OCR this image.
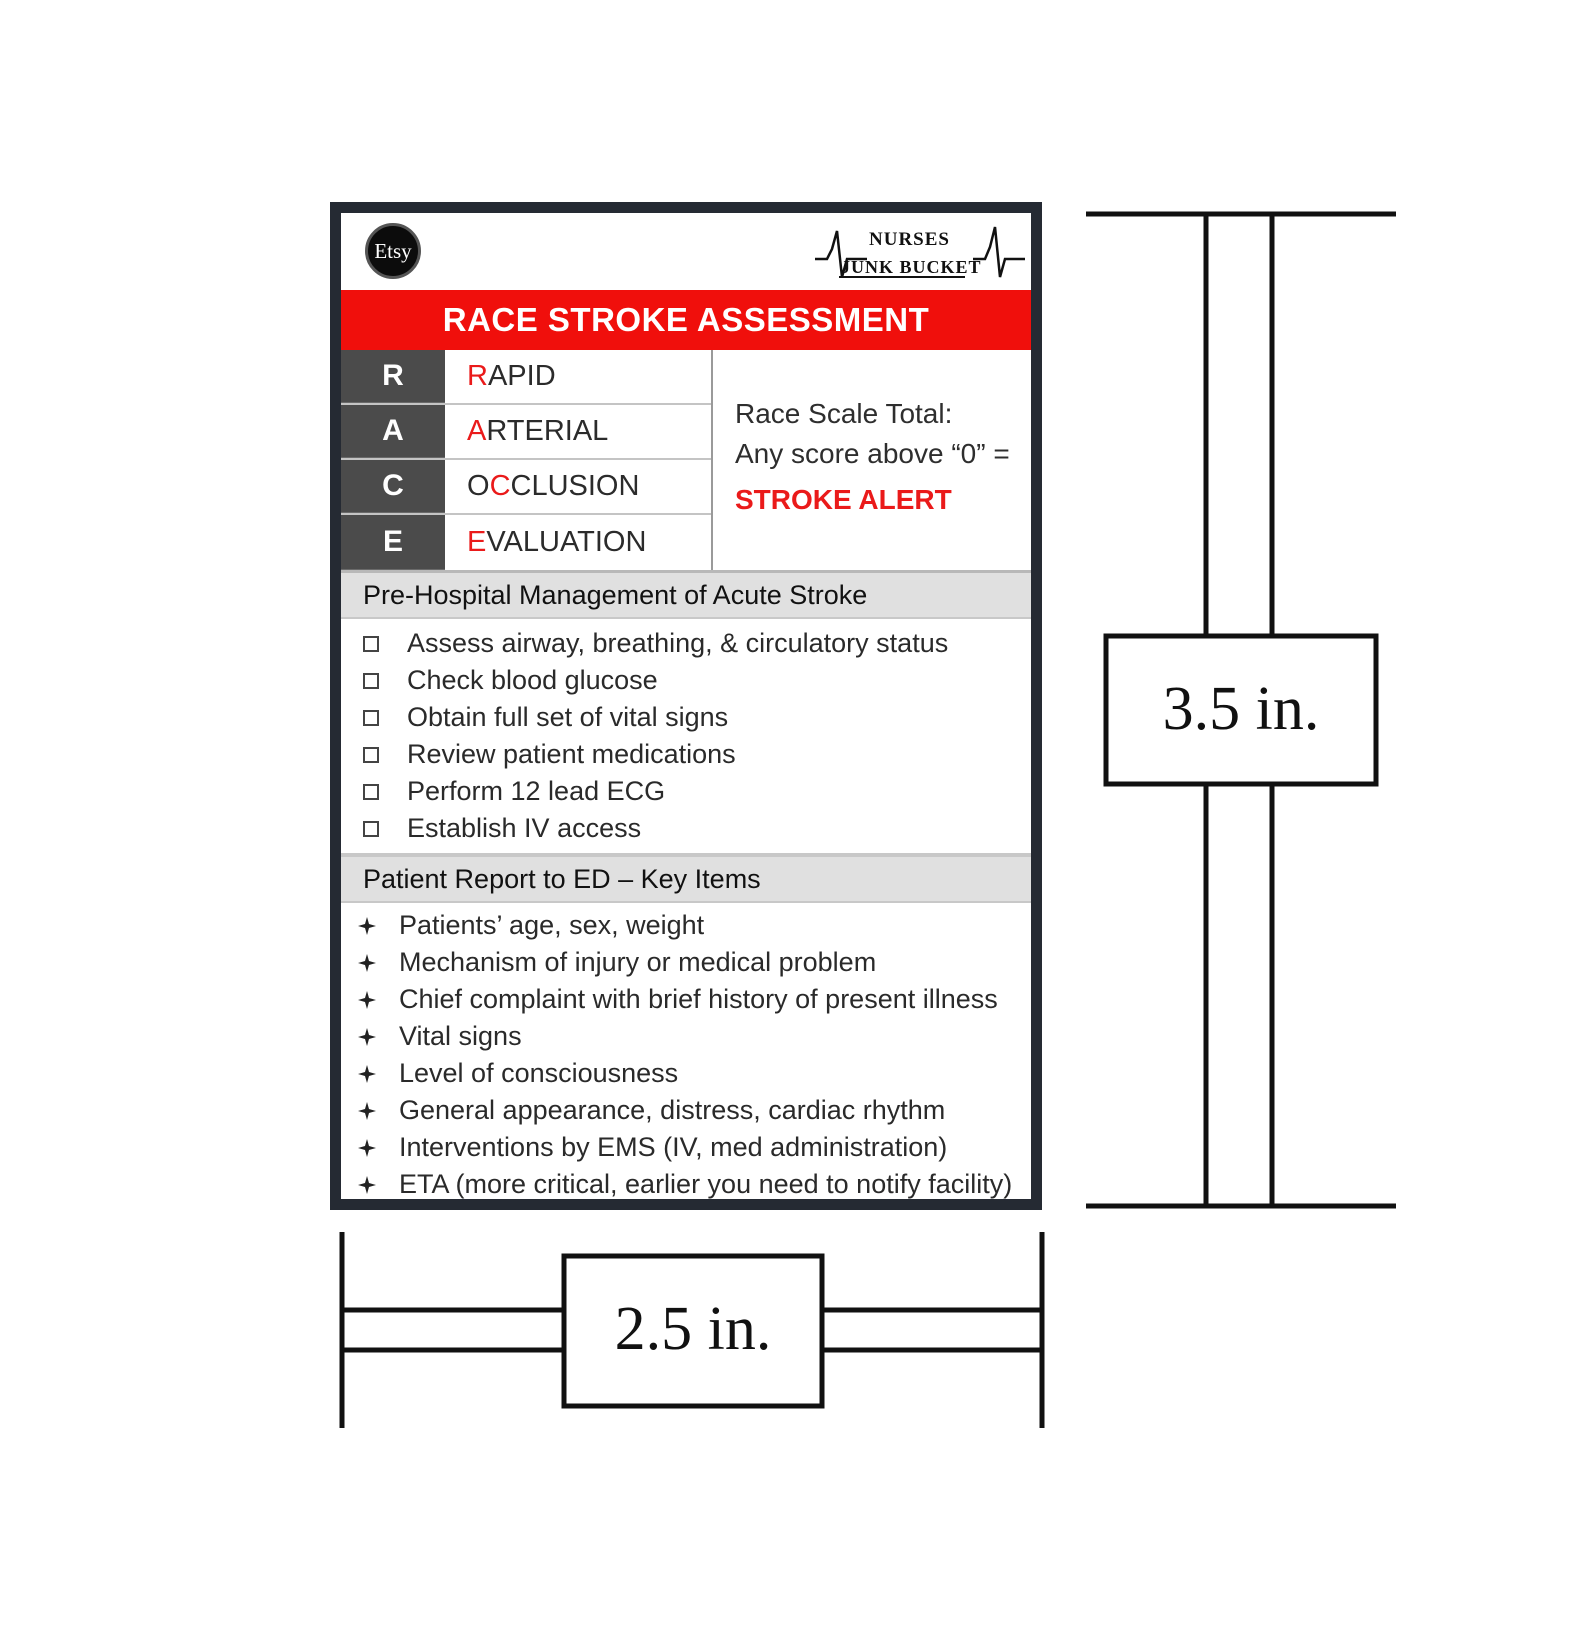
Etsy	NURSES
JUNK BUCKET
RACE STROKE ASSESSMENT
R	R APID
A	A RTERIAL
C	O C CLUSION
E	E VALUATION
Race Scale Total:
Any score above “0” =
STROKE ALERT
Pre-Hospital Management of Acute Stroke
Assess airway, breathing, & circulatory status
Check blood glucose
Obtain full set of vital signs
Review patient medications
Perform 12 lead ECG
Establish IV access
Patient Report to ED – Key Items
Patients’ age, sex, weight
Mechanism of injury or medical problem
Chief complaint with brief history of present illness
Vital signs
Level of consciousness
General appearance, distress, cardiac rhythm
Interventions by EMS (IV, med administration)
ETA (more critical, earlier you need to notify facility)
3.5 in.
2.5 in.
